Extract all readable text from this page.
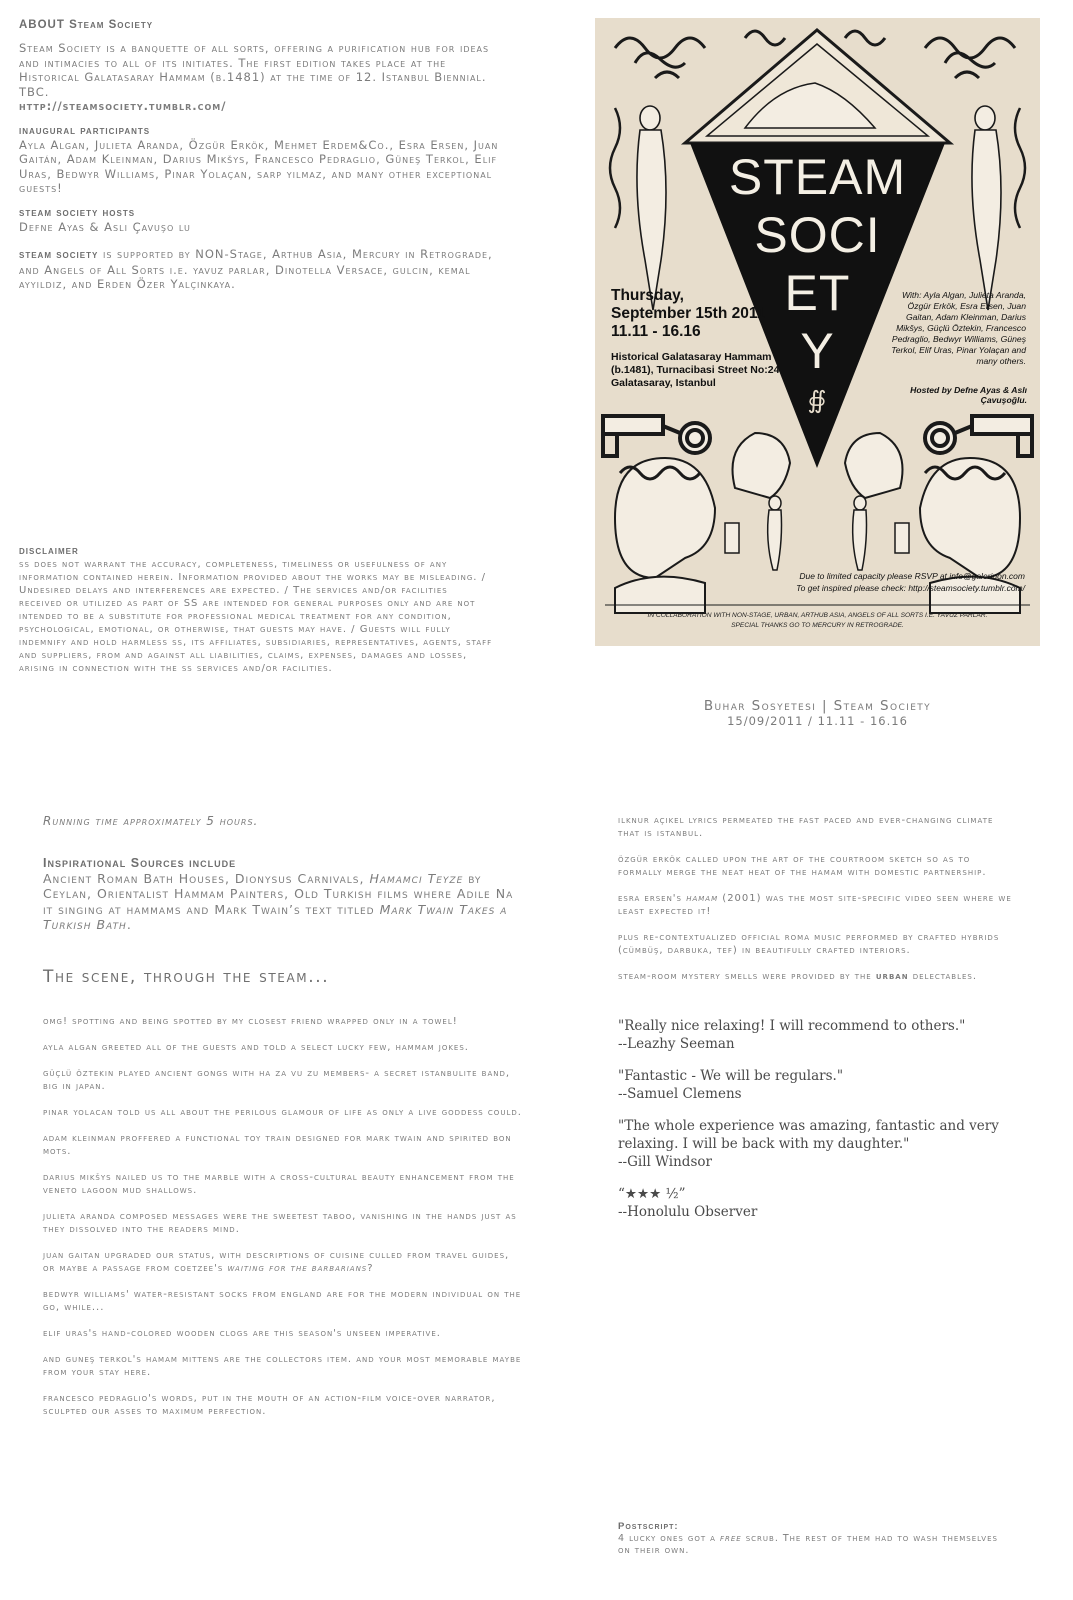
ABOUT Steam Society

Steam Society is a banquette of all sorts, offering a purification hub for ideas and intimacies to all of its initiates. The first edition takes place at the Historical Galatasaray Hammam (b.1481) at the time of 12. Istanbul Biennial. TBC.

http://steamsociety.tumblr.com/

inaugural participants

Ayla Algan, Julieta Aranda, Özgür Erkök, Mehmet Erdem&Co., Esra Ersen, Juan Gaitán, Adam Kleinman, Darius Mikšys, Francesco Pedraglio, Güneş Terkol, Elif Uras, Bedwyr Williams, Pinar Yolaçan, sarp yilmaz, and many other exceptional guests!

steam society hosts

Defne Ayas & Asli Çavuşo lu

steam society is supported by NON-Stage, Arthub Asia, Mercury in Retrograde, and Angels of All Sorts i.e. yavuz parlar, Dinotella Versace, gulcin, kemal ayyildiz, and Erden Özer Yalçinkaya.

disclaimer

ss does not warrant the accuracy, completeness, timeliness or usefulness of any information contained herein. Information provided about the works may be misleading. / Undesired delays and interferences are expected. / The services and/or facilities received or utilized as part of SS are intended for general purposes only and are not intended to be a substitute for professional medical treatment for any condition, psychological, emotional, or otherwise, that guests may have. / Guests will fully indemnify and hold harmless ss, its affiliates, subsidiaries, representatives, agents, staff and suppliers, from and against all liabilities, claims, expenses, damages and losses, arising in connection with the ss services and/or facilities.

∯
STEAM
SOCI
ET
Y
Thursday,
September 15th 2011
11.11 - 16.16
Historical Galatasaray Hammam
(b.1481), Turnacibasi Street No:24
Galatasaray, Istanbul
With: Ayla Algan, Julieta Aranda, Özgür Erkök, Esra Ersen, Juan Gaitan, Adam Kleinman, Darius Mikšys, Güçlü Öztekin, Francesco Pedraglio, Bedwyr Williams, Güneş Terkol, Elif Uras, Pinar Yolaçan and many others.
Hosted by Defne Ayas & Aslı Çavuşoğlu.
Due to limited capacity please RSVP at info@galerinon.com
To get inspired please check: http://steamsociety.tumblr.com/
IN COLLABORATION WITH NON-STAGE, URBAN, ARTHUB ASIA, ANGELS OF ALL SORTS I.E. YAVUZ PARLAR.
SPECIAL THANKS GO TO MERCURY IN RETROGRADE.
Buhar Sosyetesi | Steam Society
15/09/2011 / 11.11 - 16.16

Running time approximately 5 hours.

Inspirational Sources include

Ancient Roman Bath Houses, Dionysus Carnivals, Hamamci Teyze by Ceylan, Orientalist Hammam Painters, Old Turkish films where Adile Na it singing at hammams and Mark Twain’s text titled Mark Twain Takes a Turkish Bath.

The scene, through the steam...

omg! spotting and being spotted by my closest friend wrapped only in a towel!

ayla algan greeted all of the guests and told a select lucky few, hammam jokes.

güçlü öztekin played ancient gongs with ha za vu zu members- a secret istanbulite band, big in japan.

pinar yolacan told us all about the perilous glamour of life as only a live goddess could.

adam kleinman proffered a functional toy train designed for mark twain and spirited bon mots.

darius mikšys nailed us to the marble with a cross-cultural beauty enhancement from the veneto lagoon mud shallows.

julieta aranda composed messages were the sweetest taboo, vanishing in the hands just as they dissolved into the readers mind.

juan gaitan upgraded our status, with descriptions of cuisine culled from travel guides, or maybe a passage from coetzee's waiting for the barbarians?

bedwyr williams' water-resistant socks from england are for the modern individual on the go, while...

elif uras's hand-colored wooden clogs are this season's unseen imperative.

and guneş terkol's hamam mittens are the collectors item. and your most memorable maybe from your stay here.

francesco pedraglio's words, put in the mouth of an action-film voice-over narrator, sculpted our asses to maximum perfection.

ilknur açikel lyrics permeated the fast paced and ever-changing climate that is istanbul.

özgür erkök called upon the art of the courtroom sketch so as to formally merge the neat heat of the hamam with domestic partnership.

esra ersen's hamam (2001) was the most site-specific video seen where we least expected it!

plus re-contextualized official roma music performed by crafted hybrids (cümbüş, darbuka, tef) in beautifully crafted interiors.

steam-room mystery smells were provided by the urban delectables.

"Really nice relaxing! I will recommend to others."
--Leazhy Seeman
"Fantastic - We will be regulars."
--Samuel Clemens
"The whole experience was amazing, fantastic and very relaxing. I will be back with my daughter."
--Gill Windsor
“★★★ ½”
--Honolulu Observer
Postscript:

4 lucky ones got a free scrub. The rest of them had to wash themselves on their own.
